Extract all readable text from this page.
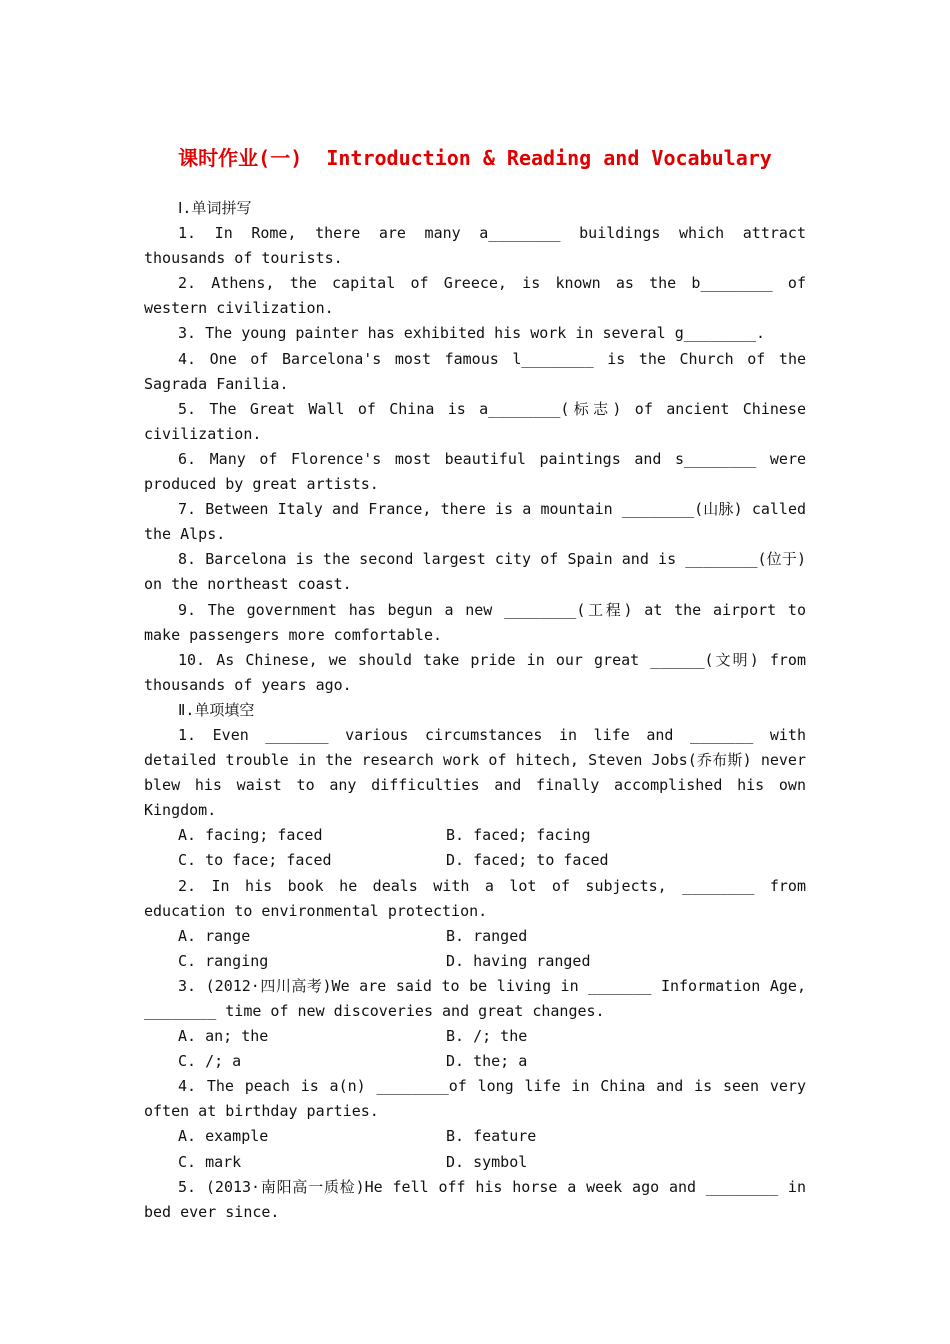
课时作业(一)  Introduction & Reading and Vocabulary

Ⅰ.单词拼写

1. In Rome, there are many a________ buildings which attract thousands of tourists.

2. Athens, the capital of Greece, is known as the b________ of western civilization.

3. The young painter has exhibited his work in several g________.

4. One of Barcelona's most famous l________ is the Church of the Sagrada Fanilia.

5. The Great Wall of China is a________(标志) of ancient Chinese civilization.

6. Many of Florence's most beautiful paintings and s________ were produced by great artists.

7. Between Italy and France, there is a mountain ________(山脉) called the Alps.

8. Barcelona is the second largest city of Spain and is ________(位于) on the northeast coast.

9. The government has begun a new ________(工程) at the airport to make passengers more comfortable.

10. As Chinese, we should take pride in our great ______(文明) from thousands of years ago.

Ⅱ.单项填空

1. Even _______ various circumstances in life and _______ with detailed trouble in the research work of hitech, Steven Jobs(乔布斯) never blew his waist to any difficulties and finally accomplished his own Kingdom.

A. facing; faced	B. faced; facing
C. to face; faced	D. faced; to faced

2. In his book he deals with a lot of subjects, ________ from education to environmental protection.

A. range	B. ranged
C. ranging	D. having ranged

3. (2012·四川高考)We are said to be living in _______ Information Age, ________ time of new discoveries and great changes.

A. an; the	B. /; the
C. /; a	D. the; a

4. The peach is a(n) ________of long life in China and is seen very often at birthday parties.

A. example	B. feature
C. mark	D. symbol

5. (2013·南阳高一质检)He fell off his horse a week ago and ________ in bed ever since.
